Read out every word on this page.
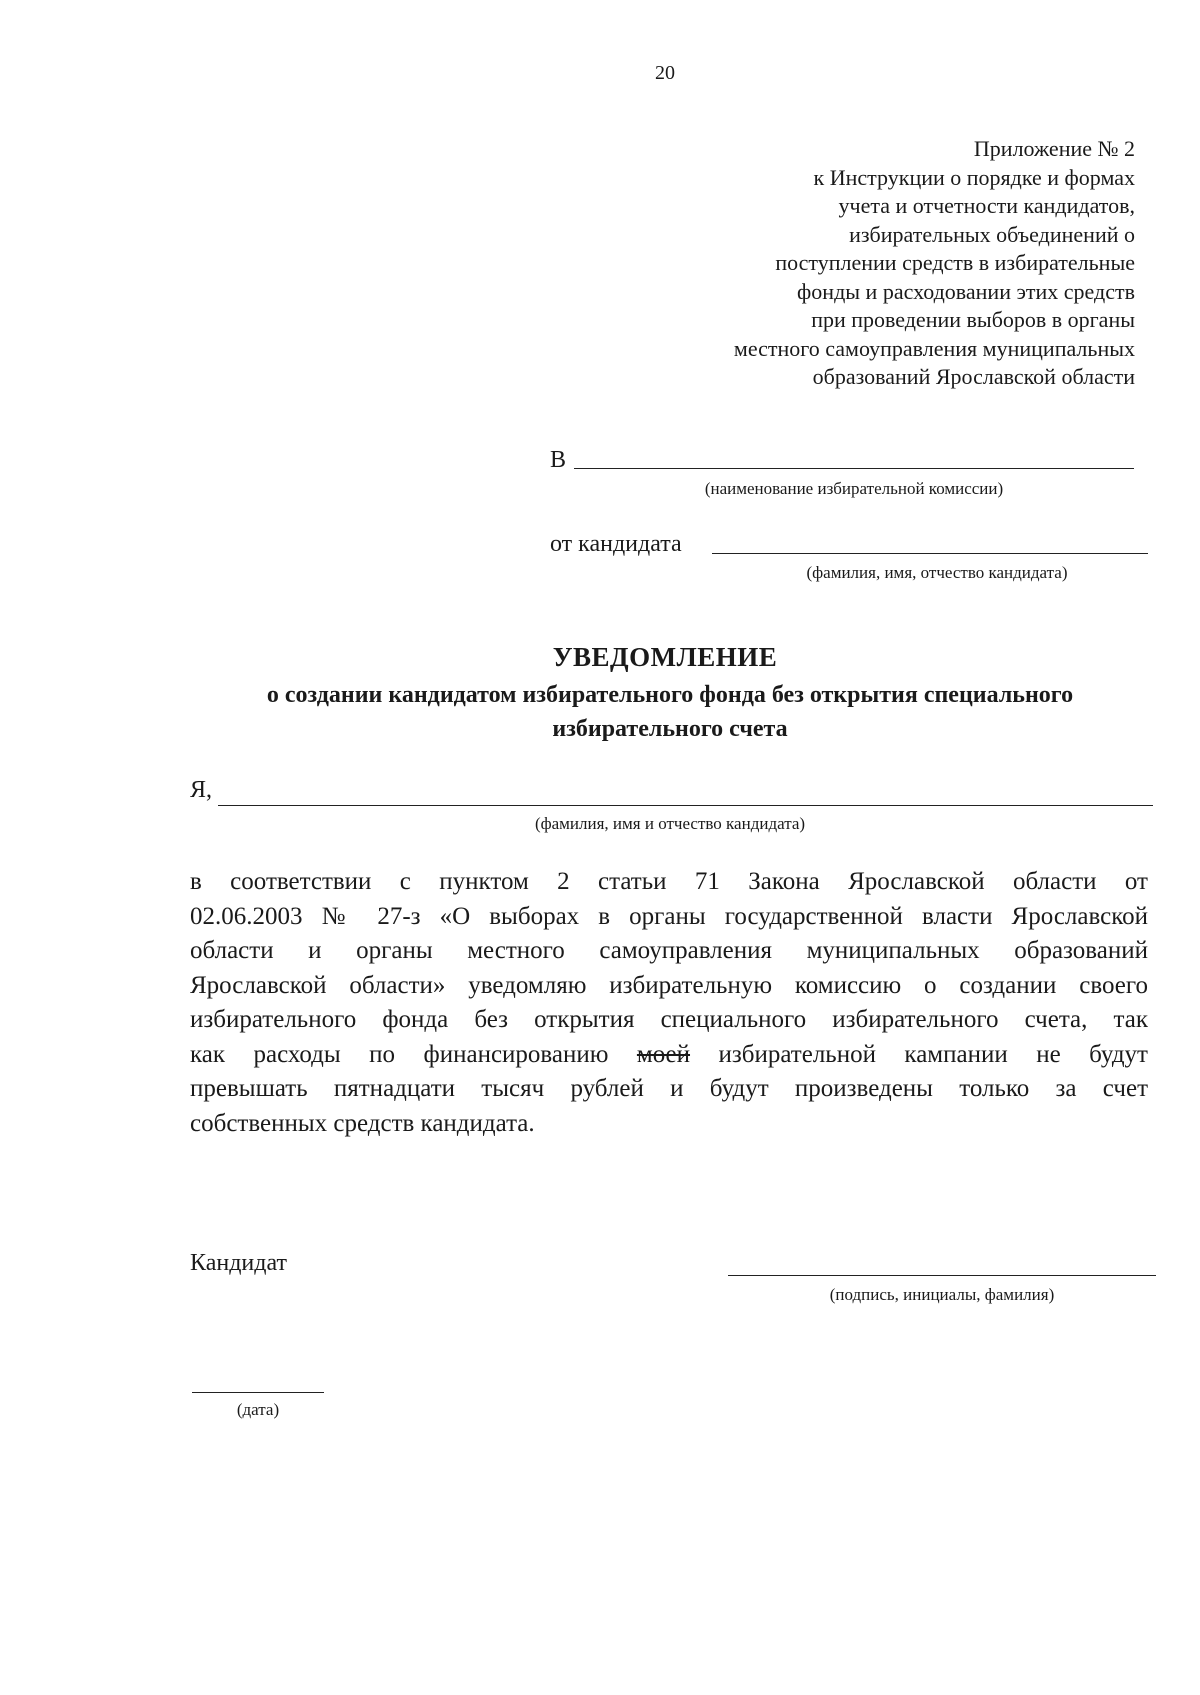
20
Приложение № 2
к Инструкции о порядке и формах
учета и отчетности кандидатов,
избирательных объединений о
поступлении средств в избирательные
фонды и расходовании этих средств
при проведении выборов в органы
местного самоуправления муниципальных
образований Ярославской области
В
(наименование избирательной комиссии)
от кандидата
(фамилия, имя, отчество кандидата)
УВЕДОМЛЕНИЕ
о создании кандидатом избирательного фонда без открытия специального
избирательного счета
Я,
(фамилия, имя и отчество кандидата)
в соответствии с пунктом 2 статьи 71 Закона Ярославской области от
02.06.2003 № 27-з «О выборах в органы государственной власти Ярославской
области и органы местного самоуправления муниципальных образований
Ярославской области» уведомляю избирательную комиссию о создании своего
избирательного фонда без открытия специального избирательного счета, так
как расходы по финансированию моей избирательной кампании не будут
превышать пятнадцати тысяч рублей и будут произведены только за счет
собственных средств кандидата.
Кандидат
(подпись, инициалы, фамилия)
(дата)
